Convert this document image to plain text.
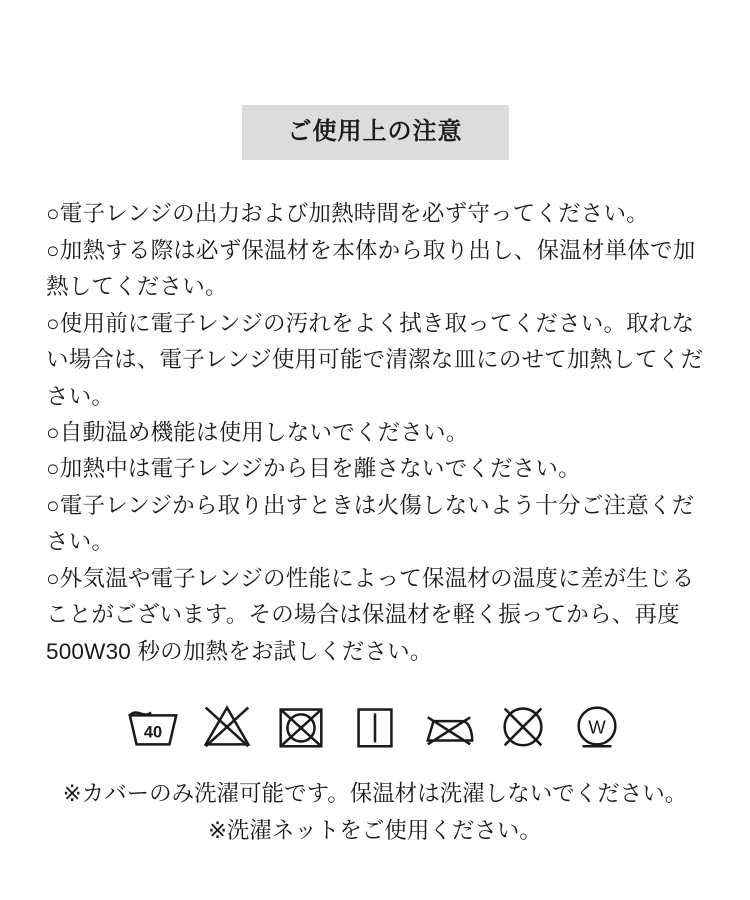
ご使用上の注意

○電子レンジの出力および加熱時間を必ず守ってください。

○加熱する際は必ず保温材を本体から取り出し、保温材単体で加熱してください。

○使用前に電子レンジの汚れをよく拭き取ってください。取れない場合は、電子レンジ使用可能で清潔な皿にのせて加熱してください。

○自動温め機能は使用しないでください。

○加熱中は電子レンジから目を離さないでください。

○電子レンジから取り出すときは火傷しないよう十分ご注意ください。

○外気温や電子レンジの性能によって保温材の温度に差が生じることがございます。その場合は保温材を軽く振ってから、再度500W30 秒の加熱をお試しください。

40	W

※カバーのみ洗濯可能です。保温材は洗濯しないでください。

※洗濯ネットをご使用ください。
